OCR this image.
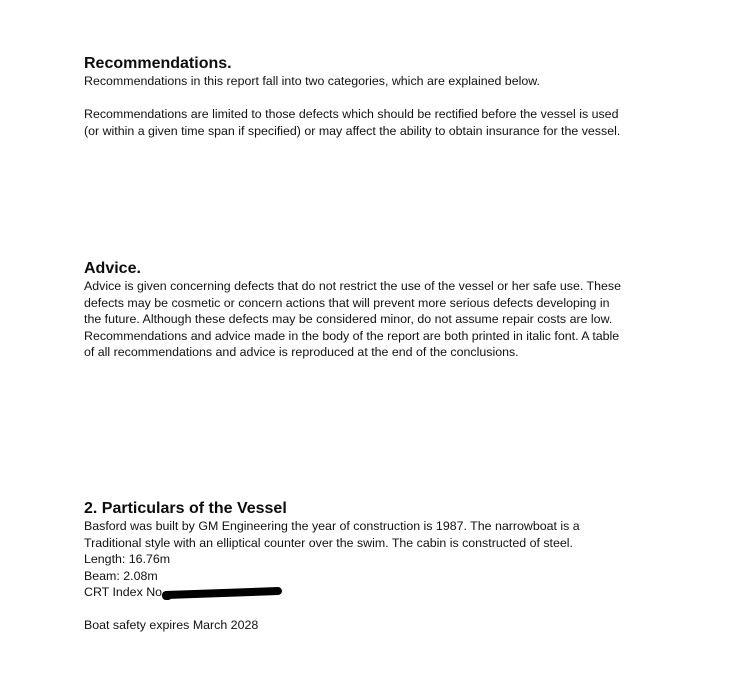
Recommendations.

Recommendations in this report fall into two categories, which are explained below.

Recommendations are limited to those defects which should be rectified before the vessel is used

(or within a given time span if specified) or may affect the ability to obtain insurance for the vessel.

Advice.

Advice is given concerning defects that do not restrict the use of the vessel or her safe use. These

defects may be cosmetic or concern actions that will prevent more serious defects developing in

the future. Although these defects may be considered minor, do not assume repair costs are low.

Recommendations and advice made in the body of the report are both printed in italic font. A table

of all recommendations and advice is reproduced at the end of the conclusions.

2. Particulars of the Vessel

Basford was built by GM Engineering the year of construction is 1987. The narrowboat is a

Traditional style with an elliptical counter over the swim. The cabin is constructed of steel.

Length: 16.76m

Beam: 2.08m

CRT Index No

Boat safety expires March 2028
